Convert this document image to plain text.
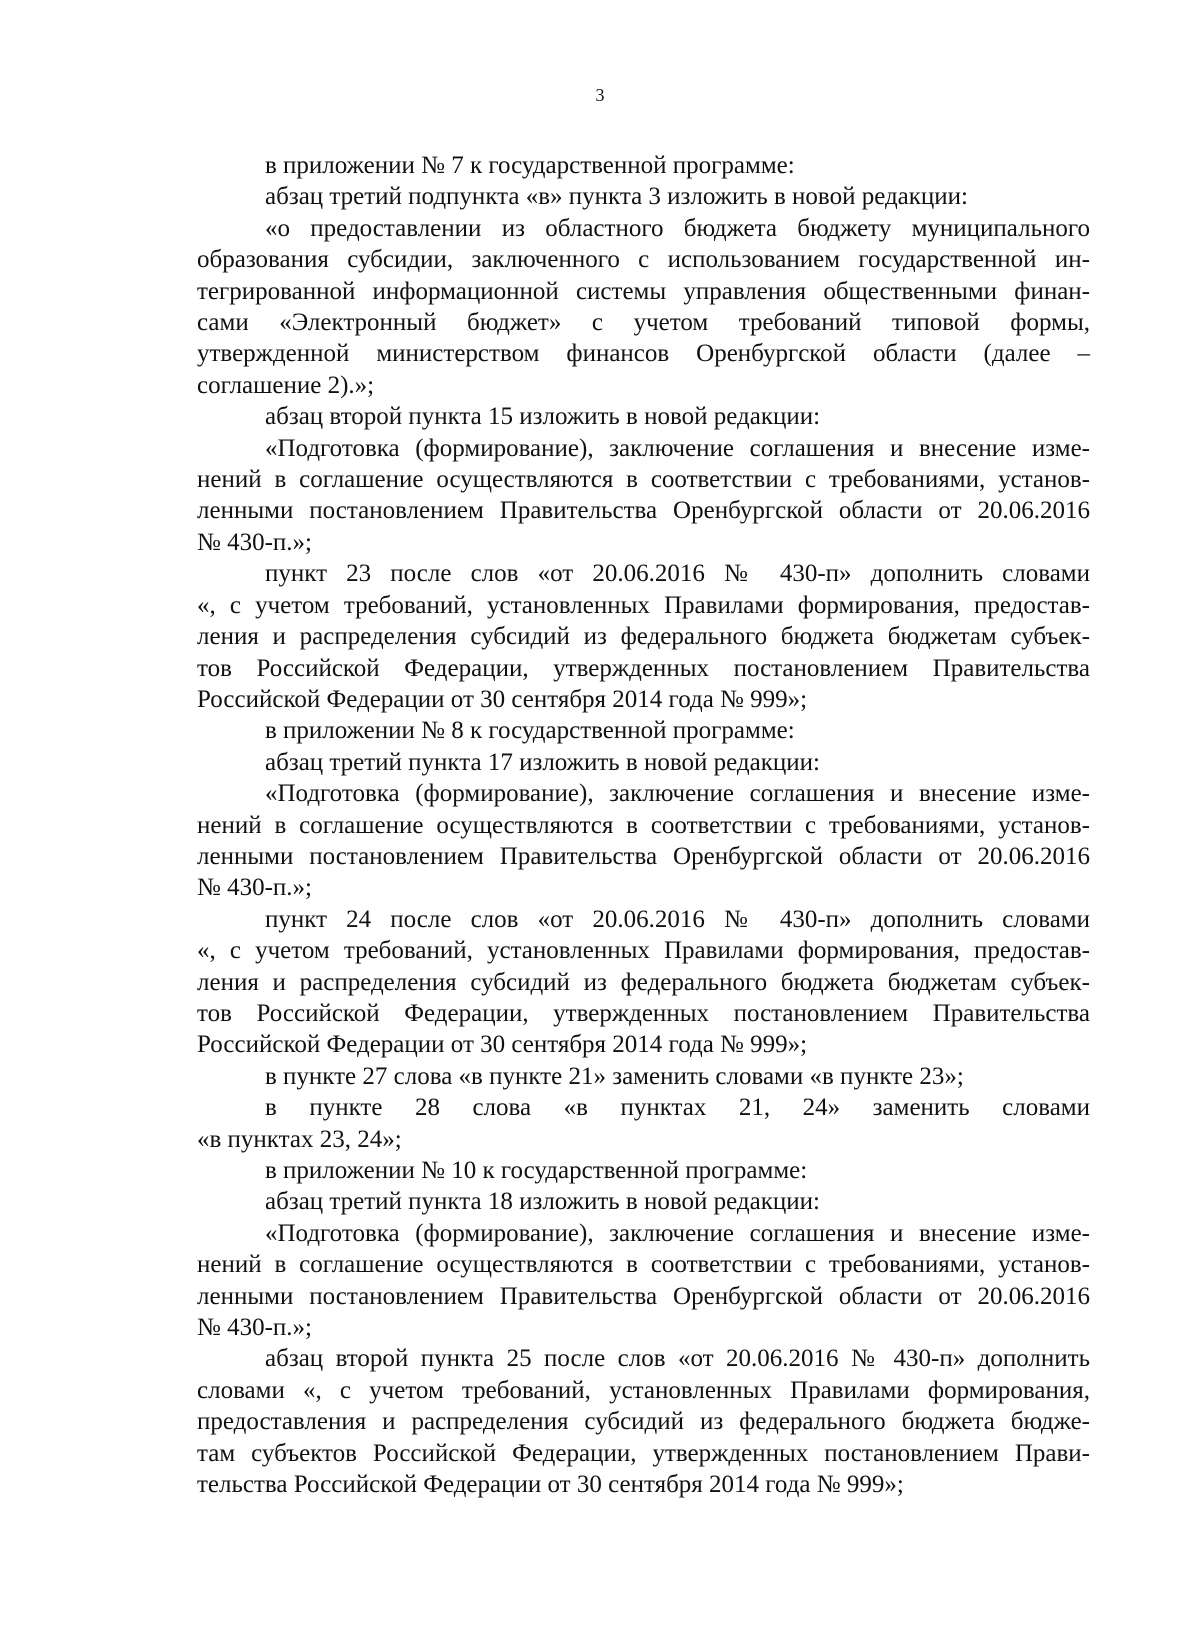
3
в приложении № 7 к государственной программе:
абзац третий подпункта «в» пункта 3 изложить в новой редакции:
«о предоставлении из областного бюджета бюджету муниципального
образования субсидии, заключенного с использованием государственной ин-
тегрированной информационной системы управления общественными финан-
сами «Электронный бюджет» с учетом требований типовой формы,
утвержденной министерством финансов Оренбургской области (далее –
соглашение 2).»;
абзац второй пункта 15 изложить в новой редакции:
«Подготовка (формирование), заключение соглашения и внесение изме-
нений в соглашение осуществляются в соответствии с требованиями, установ-
ленными постановлением Правительства Оренбургской области от 20.06.2016
№ 430-п.»;
пункт 23 после слов «от 20.06.2016 № 430-п» дополнить словами
«, с учетом требований, установленных Правилами формирования, предостав-
ления и распределения субсидий из федерального бюджета бюджетам субъек-
тов Российской Федерации, утвержденных постановлением Правительства
Российской Федерации от 30 сентября 2014 года № 999»;
в приложении № 8 к государственной программе:
абзац третий пункта 17 изложить в новой редакции:
«Подготовка (формирование), заключение соглашения и внесение изме-
нений в соглашение осуществляются в соответствии с требованиями, установ-
ленными постановлением Правительства Оренбургской области от 20.06.2016
№ 430-п.»;
пункт 24 после слов «от 20.06.2016 № 430-п» дополнить словами
«, с учетом требований, установленных Правилами формирования, предостав-
ления и распределения субсидий из федерального бюджета бюджетам субъек-
тов Российской Федерации, утвержденных постановлением Правительства
Российской Федерации от 30 сентября 2014 года № 999»;
в пункте 27 слова «в пункте 21» заменить словами «в пункте 23»;
в пункте 28 слова «в пунктах 21, 24» заменить словами
«в пунктах 23, 24»;
в приложении № 10 к государственной программе:
абзац третий пункта 18 изложить в новой редакции:
«Подготовка (формирование), заключение соглашения и внесение изме-
нений в соглашение осуществляются в соответствии с требованиями, установ-
ленными постановлением Правительства Оренбургской области от 20.06.2016
№ 430-п.»;
абзац второй пункта 25 после слов «от 20.06.2016 № 430-п» дополнить
словами «, с учетом требований, установленных Правилами формирования,
предоставления и распределения субсидий из федерального бюджета бюдже-
там субъектов Российской Федерации, утвержденных постановлением Прави-
тельства Российской Федерации от 30 сентября 2014 года № 999»;
